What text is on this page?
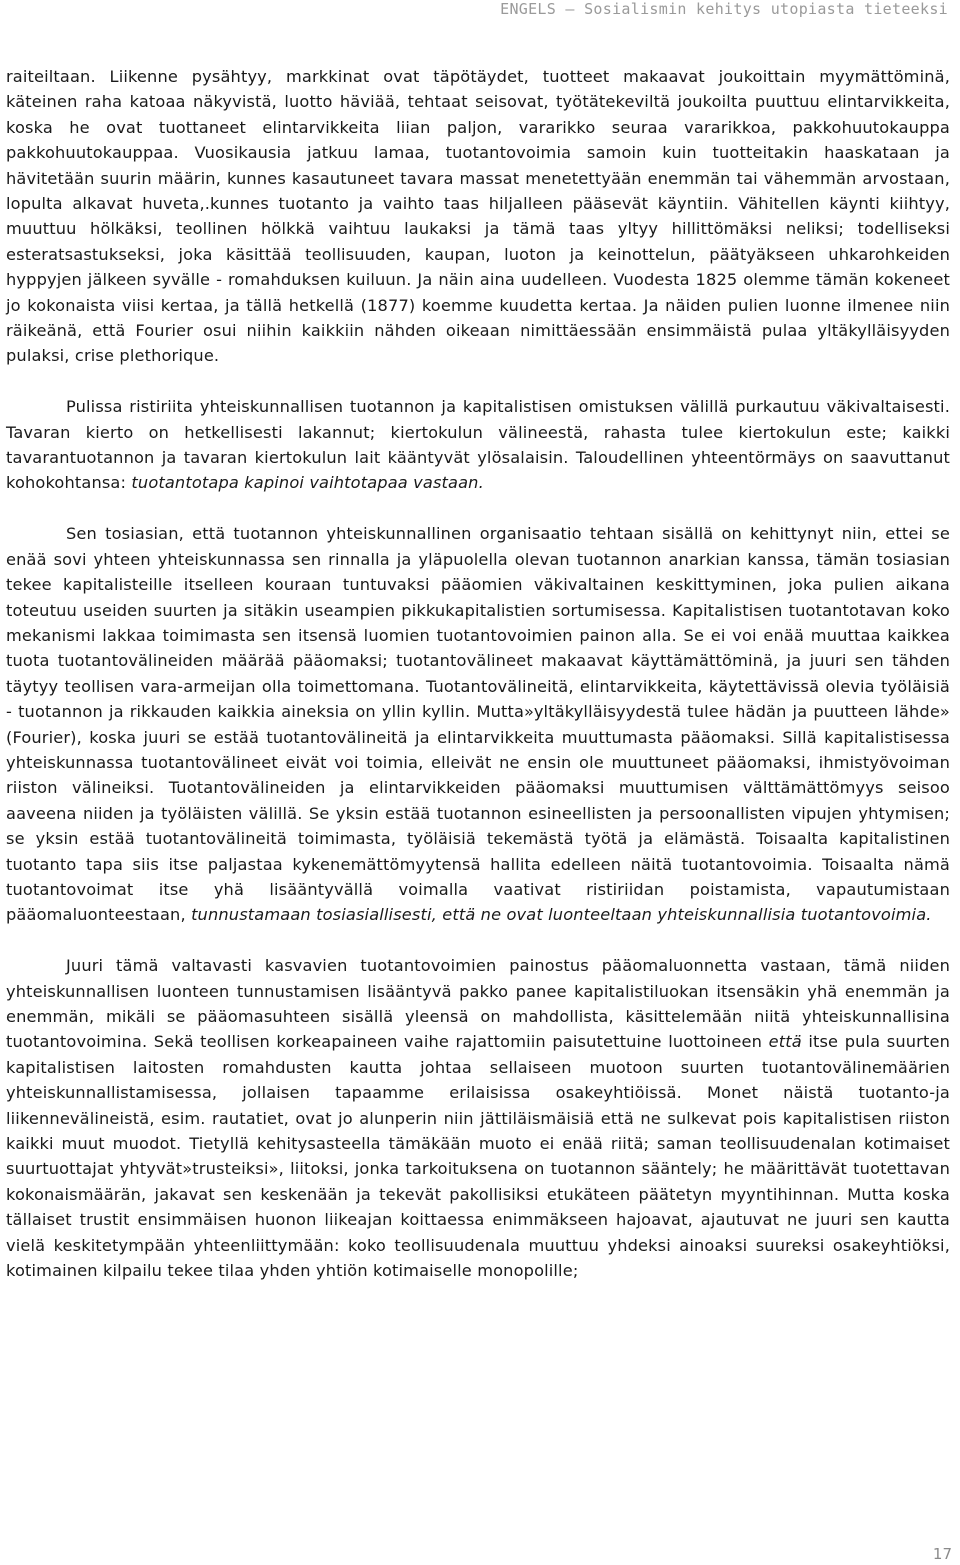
ENGELS – Sosialismin kehitys utopiasta tieteeksi

raiteiltaan. Liikenne pysähtyy, markkinat ovat täpötäydet, tuotteet makaavat joukoittain myymättöminä, käteinen raha katoaa näkyvistä, luotto häviää, tehtaat seisovat, työtätekeviltä joukoilta puuttuu elintarvikkeita, koska he ovat tuottaneet elintarvikkeita liian paljon, vararikko seuraa vararikkoa, pakkohuutokauppa pakkohuutokauppaa. Vuosikausia jatkuu lamaa, tuotantovoimia samoin kuin tuotteitakin haaskataan ja hävitetään suurin määrin, kunnes kasautuneet tavara massat menetettyään enemmän tai vähemmän arvostaan, lopulta alkavat huveta,.kunnes tuotanto ja vaihto taas hiljalleen pääsevät käyntiin. Vähitellen käynti kiihtyy, muuttuu hölkäksi, teollinen hölkkä vaihtuu laukaksi ja tämä taas yltyy hillittömäksi neliksi; todelliseksi esteratsastukseksi, joka käsittää teollisuuden, kaupan, luoton ja keinottelun, päätyäkseen uhkarohkeiden hyppyjen jälkeen syvälle - romahduksen kuiluun. Ja näin aina uudelleen. Vuodesta 1825 olemme tämän kokeneet jo kokonaista viisi kertaa, ja tällä hetkellä (1877) koemme kuudetta kertaa. Ja näiden pulien luonne ilmenee niin räikeänä, että Fourier osui niihin kaikkiin nähden oikeaan nimittäessään ensimmäistä pulaa yltäkylläisyyden pulaksi, crise plethorique.

Pulissa ristiriita yhteiskunnallisen tuotannon ja kapitalistisen omistuksen välillä purkautuu väkivaltaisesti. Tavaran kierto on hetkellisesti lakannut; kiertokulun välineestä, rahasta tulee kiertokulun este; kaikki tavarantuotannon ja tavaran kiertokulun lait kääntyvät ylösalaisin. Taloudellinen yhteentörmäys on saavuttanut kohokohtansa: tuotantotapa kapinoi vaihtotapaa vastaan.

Sen tosiasian, että tuotannon yhteiskunnallinen organisaatio tehtaan sisällä on kehittynyt niin, ettei se enää sovi yhteen yhteiskunnassa sen rinnalla ja yläpuolella olevan tuotannon anarkian kanssa, tämän tosiasian tekee kapitalisteille itselleen kouraan tuntuvaksi pääomien väkivaltainen keskittyminen, joka pulien aikana toteutuu useiden suurten ja sitäkin useampien pikkukapitalistien sortumisessa. Kapitalistisen tuotantotavan koko mekanismi lakkaa toimimasta sen itsensä luomien tuotantovoimien painon alla. Se ei voi enää muuttaa kaikkea tuota tuotantovälineiden määrää pääomaksi; tuotantovälineet makaavat käyttämättöminä, ja juuri sen tähden täytyy teollisen vara-armeijan olla toimettomana. Tuotantovälineitä, elintarvikkeita, käytettävissä olevia työläisiä - tuotannon ja rikkauden kaikkia aineksia on yllin kyllin. Mutta»yltäkylläisyydestä tulee hädän ja puutteen lähde» (Fourier), koska juuri se estää tuotantovälineitä ja elintarvikkeita muuttumasta pääomaksi. Sillä kapitalistisessa yhteiskunnassa tuotantovälineet eivät voi toimia, elleivät ne ensin ole muuttuneet pääomaksi, ihmistyövoiman riiston välineiksi. Tuotantovälineiden ja elintarvikkeiden pääomaksi muuttumisen välttämättömyys seisoo aaveena niiden ja työläisten välillä. Se yksin estää tuotannon esineellisten ja persoonallisten vipujen yhtymisen; se yksin estää tuotantovälineitä toimimasta, työläisiä tekemästä työtä ja elämästä. Toisaalta kapitalistinen tuotanto tapa siis itse paljastaa kykenemättömyytensä hallita edelleen näitä tuotantovoimia. Toisaalta nämä tuotantovoimat itse yhä lisääntyvällä voimalla vaativat ristiriidan poistamista, vapautumistaan pääomaluonteestaan, tunnustamaan tosiasiallisesti, että ne ovat luonteeltaan yhteiskunnallisia tuotantovoimia.

Juuri tämä valtavasti kasvavien tuotantovoimien painostus pääomaluonnetta vastaan, tämä niiden yhteiskunnallisen luonteen tunnustamisen lisääntyvä pakko panee kapitalistiluokan itsensäkin yhä enemmän ja enemmän, mikäli se pääomasuhteen sisällä yleensä on mahdollista, käsittelemään niitä yhteiskunnallisina tuotantovoimina. Sekä teollisen korkeapaineen vaihe rajattomiin paisutettuine luottoineen että itse pula suurten kapitalistisen laitosten romahdusten kautta johtaa sellaiseen muotoon suurten tuotantovälinemäärien yhteiskunnallistamisessa, jollaisen tapaamme erilaisissa osakeyhtiöissä. Monet näistä tuotanto-ja liikennevälineistä, esim. rautatiet, ovat jo alunperin niin jättiläismäisiä että ne sulkevat pois kapitalistisen riiston kaikki muut muodot. Tietyllä kehitysasteella tämäkään muoto ei enää riitä; saman teollisuudenalan kotimaiset suurtuottajat yhtyvät»trusteiksi», liitoksi, jonka tarkoituksena on tuotannon sääntely; he määrittävät tuotettavan kokonaismäärän, jakavat sen keskenään ja tekevät pakollisiksi etukäteen päätetyn myyntihinnan. Mutta koska tällaiset trustit ensimmäisen huonon liikeajan koittaessa enimmäkseen hajoavat, ajautuvat ne juuri sen kautta vielä keskitetympään yhteenliittymään: koko teollisuudenala muuttuu yhdeksi ainoaksi suureksi osakeyhtiöksi, kotimainen kilpailu tekee tilaa yhden yhtiön kotimaiselle monopolille;

17
